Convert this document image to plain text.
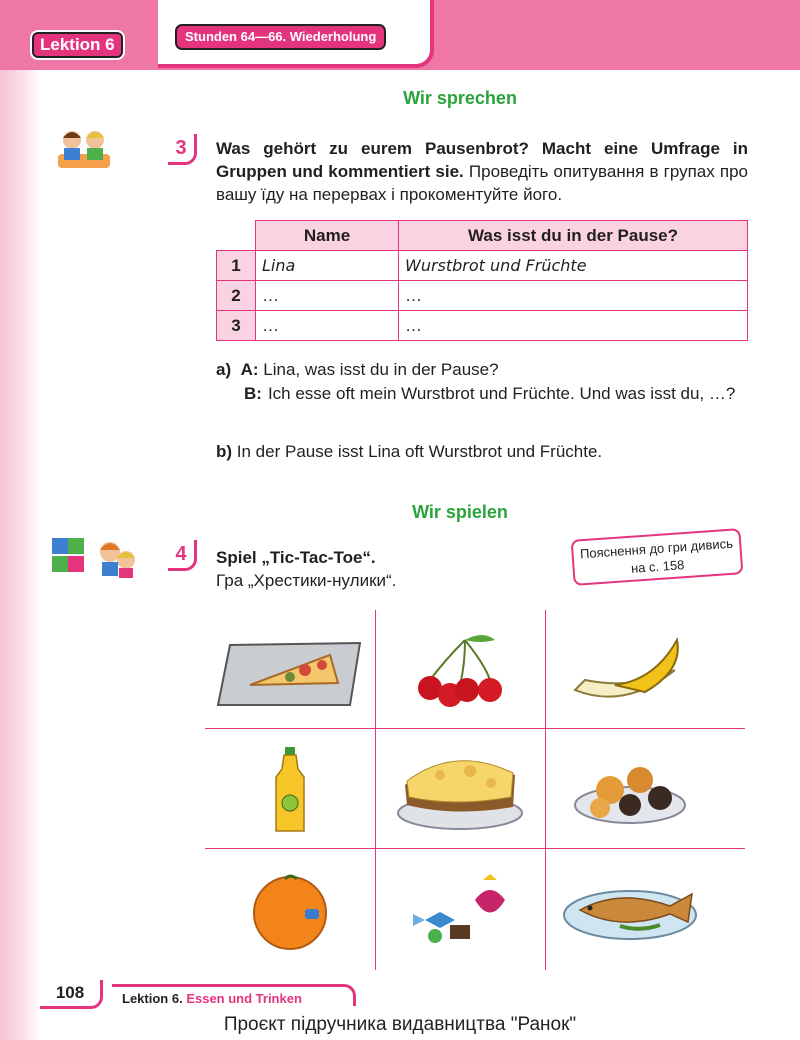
Lektion 6	Stunden 64—66. Wiederholung
Wir sprechen
3	Was gehört zu eurem Pausenbrot? Macht eine Umfrage in Gruppen und kommentiert sie. Проведіть опитування в групах про вашу їду на перервах і прокоментуйте його.
	Name	Was isst du in der Pause?
1	Lina	Wurstbrot und Früchte
2	…	…
3	…	…
a) A: Lina, was isst du in der Pause?
B: Ich esse oft mein Wurstbrot und Früchte. Und was isst du, …?
b) In der Pause isst Lina oft Wurstbrot und Früchte.
Wir spielen
4	Spiel „Tic-Tac-Toe“.
Гра „Хрестики-нулики“.
Пояснення до гри дивись на с. 158
108	Lektion 6. Essen und Trinken
Проєкт підручника видавництва "Ранок"
